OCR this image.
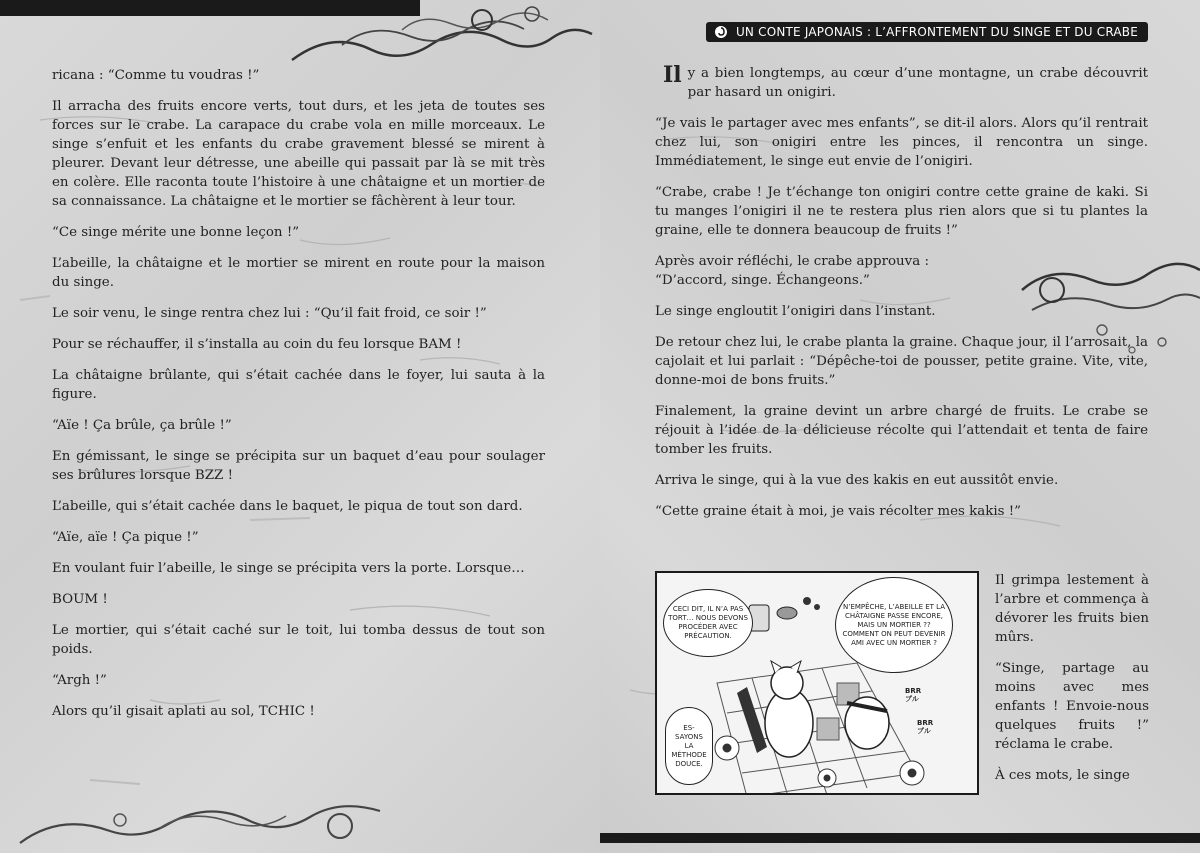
ricana : “Comme tu voudras !”

Il arracha des fruits encore verts, tout durs, et les jeta de toutes ses forces sur le crabe. La carapace du crabe vola en mille morceaux. Le singe s’enfuit et les enfants du crabe gravement blessé se mirent à pleurer. Devant leur détresse, une abeille qui passait par là se mit très en colère. Elle raconta toute l’histoire à une châtaigne et un mortier de sa connaissance. La châtaigne et le mortier se fâchèrent à leur tour.

“Ce singe mérite une bonne leçon !”

L’abeille, la châtaigne et le mortier se mirent en route pour la maison du singe.

Le soir venu, le singe rentra chez lui : “Qu’il fait froid, ce soir !”

Pour se réchauffer, il s’installa au coin du feu lorsque BAM !

La châtaigne brûlante, qui s’était cachée dans le foyer, lui sauta à la figure.

“Aïe ! Ça brûle, ça brûle !”

En gémissant, le singe se précipita sur un baquet d’eau pour soulager ses brûlures lorsque BZZ !

L’abeille, qui s’était cachée dans le baquet, le piqua de tout son dard.

“Aïe, aïe ! Ça pique !”

En voulant fuir l’abeille, le singe se précipita vers la porte. Lorsque…

BOUM !

Le mortier, qui s’était caché sur le toit, lui tomba dessus de tout son poids.

“Argh !”

Alors qu’il gisait aplati au sol, TCHIC !

UN CONTE JAPONAIS : L’AFFRONTEMENT DU SINGE ET DU CRABE

Il y a bien longtemps, au cœur d’une montagne, un crabe découvrit par hasard un onigiri.

“Je vais le partager avec mes enfants”, se dit-il alors. Alors qu’il rentrait chez lui, son onigiri entre les pinces, il rencontra un singe. Immédiatement, le singe eut envie de l’onigiri.

“Crabe, crabe ! Je t’échange ton onigiri contre cette graine de kaki. Si tu manges l’onigiri il ne te restera plus rien alors que si tu plantes la graine, elle te donnera beaucoup de fruits !”

Après avoir réfléchi, le crabe approuva :
“D’accord, singe. Échangeons.”

Le singe engloutit l’onigiri dans l’instant.

De retour chez lui, le crabe planta la graine. Chaque jour, il l’arrosait, la cajolait et lui parlait : “Dépêche-toi de pousser, petite graine. Vite, vite, donne-moi de bons fruits.”

Finalement, la graine devint un arbre chargé de fruits. Le crabe se réjouit à l’idée de la délicieuse récolte qui l’attendait et tenta de faire tomber les fruits.

Arriva le singe, qui à la vue des kakis en eut aussitôt envie.

“Cette graine était à moi, je vais récolter mes kakis !”

CECI DIT, IL N’A PAS TORT… NOUS DEVONS PROCÉDER AVEC PRÉCAUTION.
N’EMPÊCHE, L’ABEILLE ET LA CHÂTAIGNE PASSE ENCORE, MAIS UN MORTIER ?? COMMENT ON PEUT DEVENIR AMI AVEC UN MORTIER ?
ES-SAYONS LA MÉTHODE DOUCE.
BRR
ブル
BRR
ブル

Il grimpa lestement à l’arbre et commença à dévorer les fruits bien mûrs.

“Singe, partage au moins avec mes enfants ! Envoie-nous quelques fruits !” réclama le crabe.

À ces mots, le singe
